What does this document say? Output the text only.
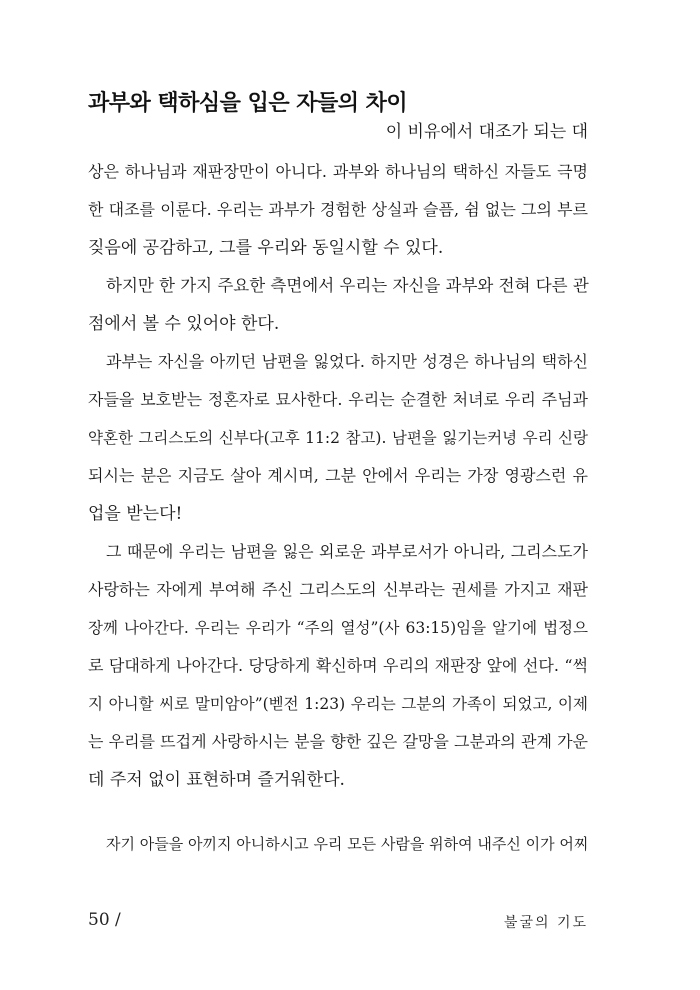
과부와 택하심을 입은 자들의 차이
이 비유에서 대조가 되는 대
상은 하나님과 재판장만이 아니다. 과부와 하나님의 택하신 자들도 극명
한 대조를 이룬다. 우리는 과부가 경험한 상실과 슬픔, 쉼 없는 그의 부르
짖음에 공감하고, 그를 우리와 동일시할 수 있다.
하지만 한 가지 주요한 측면에서 우리는 자신을 과부와 전혀 다른 관
점에서 볼 수 있어야 한다.
과부는 자신을 아끼던 남편을 잃었다. 하지만 성경은 하나님의 택하신
자들을 보호받는 정혼자로 묘사한다. 우리는 순결한 처녀로 우리 주님과
약혼한 그리스도의 신부다(고후 11:2 참고). 남편을 잃기는커녕 우리 신랑
되시는 분은 지금도 살아 계시며, 그분 안에서 우리는 가장 영광스런 유
업을 받는다!
그 때문에 우리는 남편을 잃은 외로운 과부로서가 아니라, 그리스도가
사랑하는 자에게 부여해 주신 그리스도의 신부라는 권세를 가지고 재판
장께 나아간다. 우리는 우리가 “주의 열성”(사 63:15)임을 알기에 법정으
로 담대하게 나아간다. 당당하게 확신하며 우리의 재판장 앞에 선다. “썩
지 아니할 씨로 말미암아”(벧전 1:23) 우리는 그분의 가족이 되었고, 이제
는 우리를 뜨겁게 사랑하시는 분을 향한 깊은 갈망을 그분과의 관계 가운
데 주저 없이 표현하며 즐거워한다.
자기 아들을 아끼지 아니하시고 우리 모든 사람을 위하여 내주신 이가 어찌
50 /	불굴의 기도
